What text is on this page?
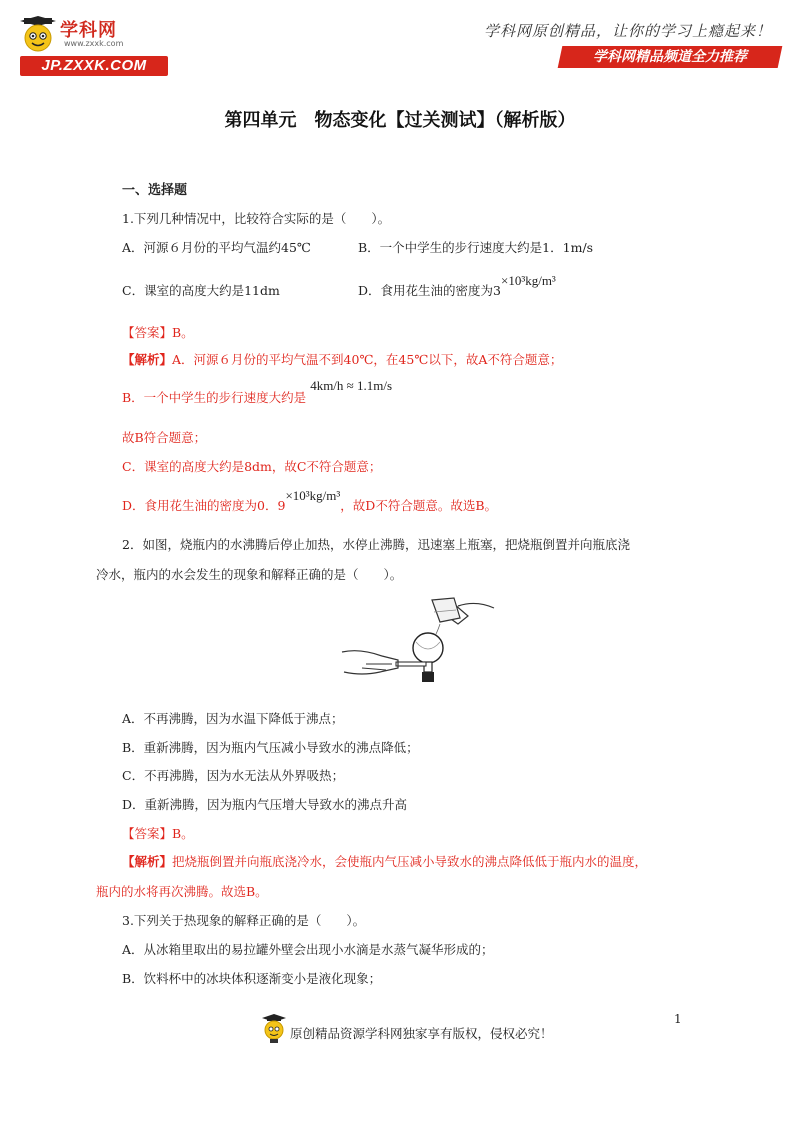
学科网
www.zxxk.com
JP.ZXXK.COM
学科网原创精品，让你的学习上瘾起来！
学科网精品频道全力推荐
第四单元　物态变化【过关测试】（解析版）
一、选择题
1.下列几种情况中，比较符合实际的是（　　）。
A．河源６月份的平均气温约45℃	B．一个中学生的步行速度大约是1．1m/s
C．课室的高度大约是11dm	D．食用花生油的密度为3×10³kg/m³
【答案】B。
【解析】A．河源６月份的平均气温不到40℃，在45℃以下，故A不符合题意；
B．一个中学生的步行速度大约是4km/h ≈ 1.1m/s
故B符合题意；
C．课室的高度大约是8dm，故C不符合题意；
D．食用花生油的密度为0．9×10³kg/m³，故D不符合题意。故选B。
2．如图，烧瓶内的水沸腾后停止加热，水停止沸腾，迅速塞上瓶塞，把烧瓶倒置并向瓶底浇
冷水，瓶内的水会发生的现象和解释正确的是（　　）。
A．不再沸腾，因为水温下降低于沸点；
B．重新沸腾，因为瓶内气压减小导致水的沸点降低；
C．不再沸腾，因为水无法从外界吸热；
D．重新沸腾，因为瓶内气压增大导致水的沸点升高
【答案】B。
【解析】把烧瓶倒置并向瓶底浇冷水，会使瓶内气压减小导致水的沸点降低低于瓶内水的温度，
瓶内的水将再次沸腾。故选B。
3.下列关于热现象的解释正确的是（　　）。
A．从冰箱里取出的易拉罐外壁会出现小水滴是水蒸气凝华形成的；
B．饮料杯中的冰块体积逐渐变小是液化现象；
原创精品资源学科网独家享有版权，侵权必究！
1
